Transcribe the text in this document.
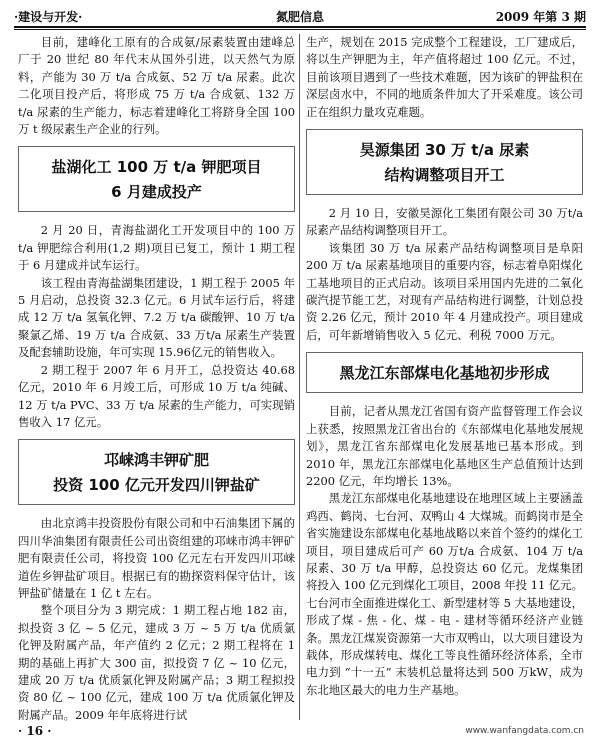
·建设与开发·	氮肥信息	2009 年第 3 期

目前，建峰化工原有的合成氨/尿素装置由建峰总厂于 20 世纪 80 年代末从国外引进，以天然气为原料，产能为 30 万 t/a 合成氨、52 万 t/a 尿素。此次二化项目投产后，将形成 75 万 t/a 合成氨、132 万 t/a 尿素的生产能力，标志着建峰化工将跻身全国 100 万 t 级尿素生产企业的行列。

盐湖化工 100 万 t/a 钾肥项目
6 月建成投产

2 月 20 日，青海盐湖化工开发项目中的 100 万t/a 钾肥综合利用(1,2 期)项目已复工，预计 1 期工程于 6 月建成并试车运行。

该工程由青海盐湖集团建设，1 期工程于 2005 年 5 月启动，总投资 32.3 亿元。6 月试车运行后，将建成 12 万 t/a 氢氧化钾、7.2 万 t/a 碳酸钾、10 万 t/a 聚氯乙烯、19 万 t/a 合成氨、33 万t/a 尿素生产装置及配套辅助设施，年可实现 15.96亿元的销售收入。

2 期工程于 2007 年 6 月开工，总投资达 40.68亿元，2010 年 6 月竣工后，可形成 10 万 t/a 纯碱、12 万 t/a PVC、33 万 t/a 尿素的生产能力，可实现销售收入 17 亿元。

邛崃鸿丰钾矿肥
投资 100 亿元开发四川钾盐矿

由北京鸿丰投资股份有限公司和中石油集团下属的四川华油集团有限责任公司出资组建的邛崃市鸿丰钾矿肥有限责任公司，将投资 100 亿元左右开发四川邛崃道佐乡钾盐矿项目。根据已有的勘探资料保守估计，该钾盐矿储量在 1 亿 t 左右。

整个项目分为 3 期完成：1 期工程占地 182 亩，拟投资 3 亿 ~ 5 亿元，建成 3 万 ~ 5 万 t/a 优质氯化钾及附属产品，年产值约 2 亿元；2 期工程将在 1 期的基础上再扩大 300 亩，拟投资 7 亿 ~ 10 亿元，建成 20 万 t/a 优质氯化钾及附属产品；3 期工程拟投资 80 亿 ~ 100 亿元，建成 100 万 t/a 优质氯化钾及附属产品。2009 年年底将进行试

生产，规划在 2015 完成整个工程建设，工厂建成后，将以生产钾肥为主，年产值将超过 100 亿元。不过，目前该项目遇到了一些技术难题，因为该矿的钾盐积在深层卤水中，不同的地质条件加大了开采难度。该公司正在组织力量攻克难题。

昊源集团 30 万 t/a 尿素
结构调整项目开工

2 月 10 日，安徽昊源化工集团有限公司 30 万t/a 尿素产品结构调整项目开工。

该集团 30 万 t/a 尿素产品结构调整项目是阜阳 200 万 t/a 尿素基地项目的重要内容，标志着阜阳煤化工基地项目的正式启动。该项目采用国内先进的二氧化碳汽提节能工艺，对现有产品结构进行调整，计划总投资 2.26 亿元，预计 2010 年 4 月建成投产。项目建成后，可年新增销售收入 5 亿元、利税 7000 万元。

黑龙江东部煤电化基地初步形成

目前，记者从黑龙江省国有资产监督管理工作会议上获悉，按照黑龙江省出台的《东部煤电化基地发展规划》，黑龙江省东部煤电化发展基地已基本形成。到 2010 年，黑龙江东部煤电化基地区生产总值预计达到 2200 亿元，年均增长 13%。

黑龙江东部煤电化基地建设在地理区域上主要涵盖鸡西、鹤岗、七台河、双鸭山 4 大煤城。而鹤岗市是全省实施建设东部煤电化基地战略以来首个签约的煤化工项目，项目建成后可产 60 万t/a 合成氨、104 万 t/a 尿素、30 万 t/a 甲醇，总投资达 60 亿元。龙煤集团将投入 100 亿元到煤化工项目，2008 年投 11 亿元。七台河市全面推进煤化工、新型建材等 5 大基地建设，形成了煤 - 焦 - 化、煤 - 电 - 建材等循环经济产业链条。黑龙江煤炭资源第一大市双鸭山，以大项目建设为载体，形成煤转电、煤化工等良性循环经济体系，全市电力到 “十一五” 末装机总量将达到 500 万kW，成为东北地区最大的电力生产基地。

· 16 ·	www.wanfangdata.com.cn
